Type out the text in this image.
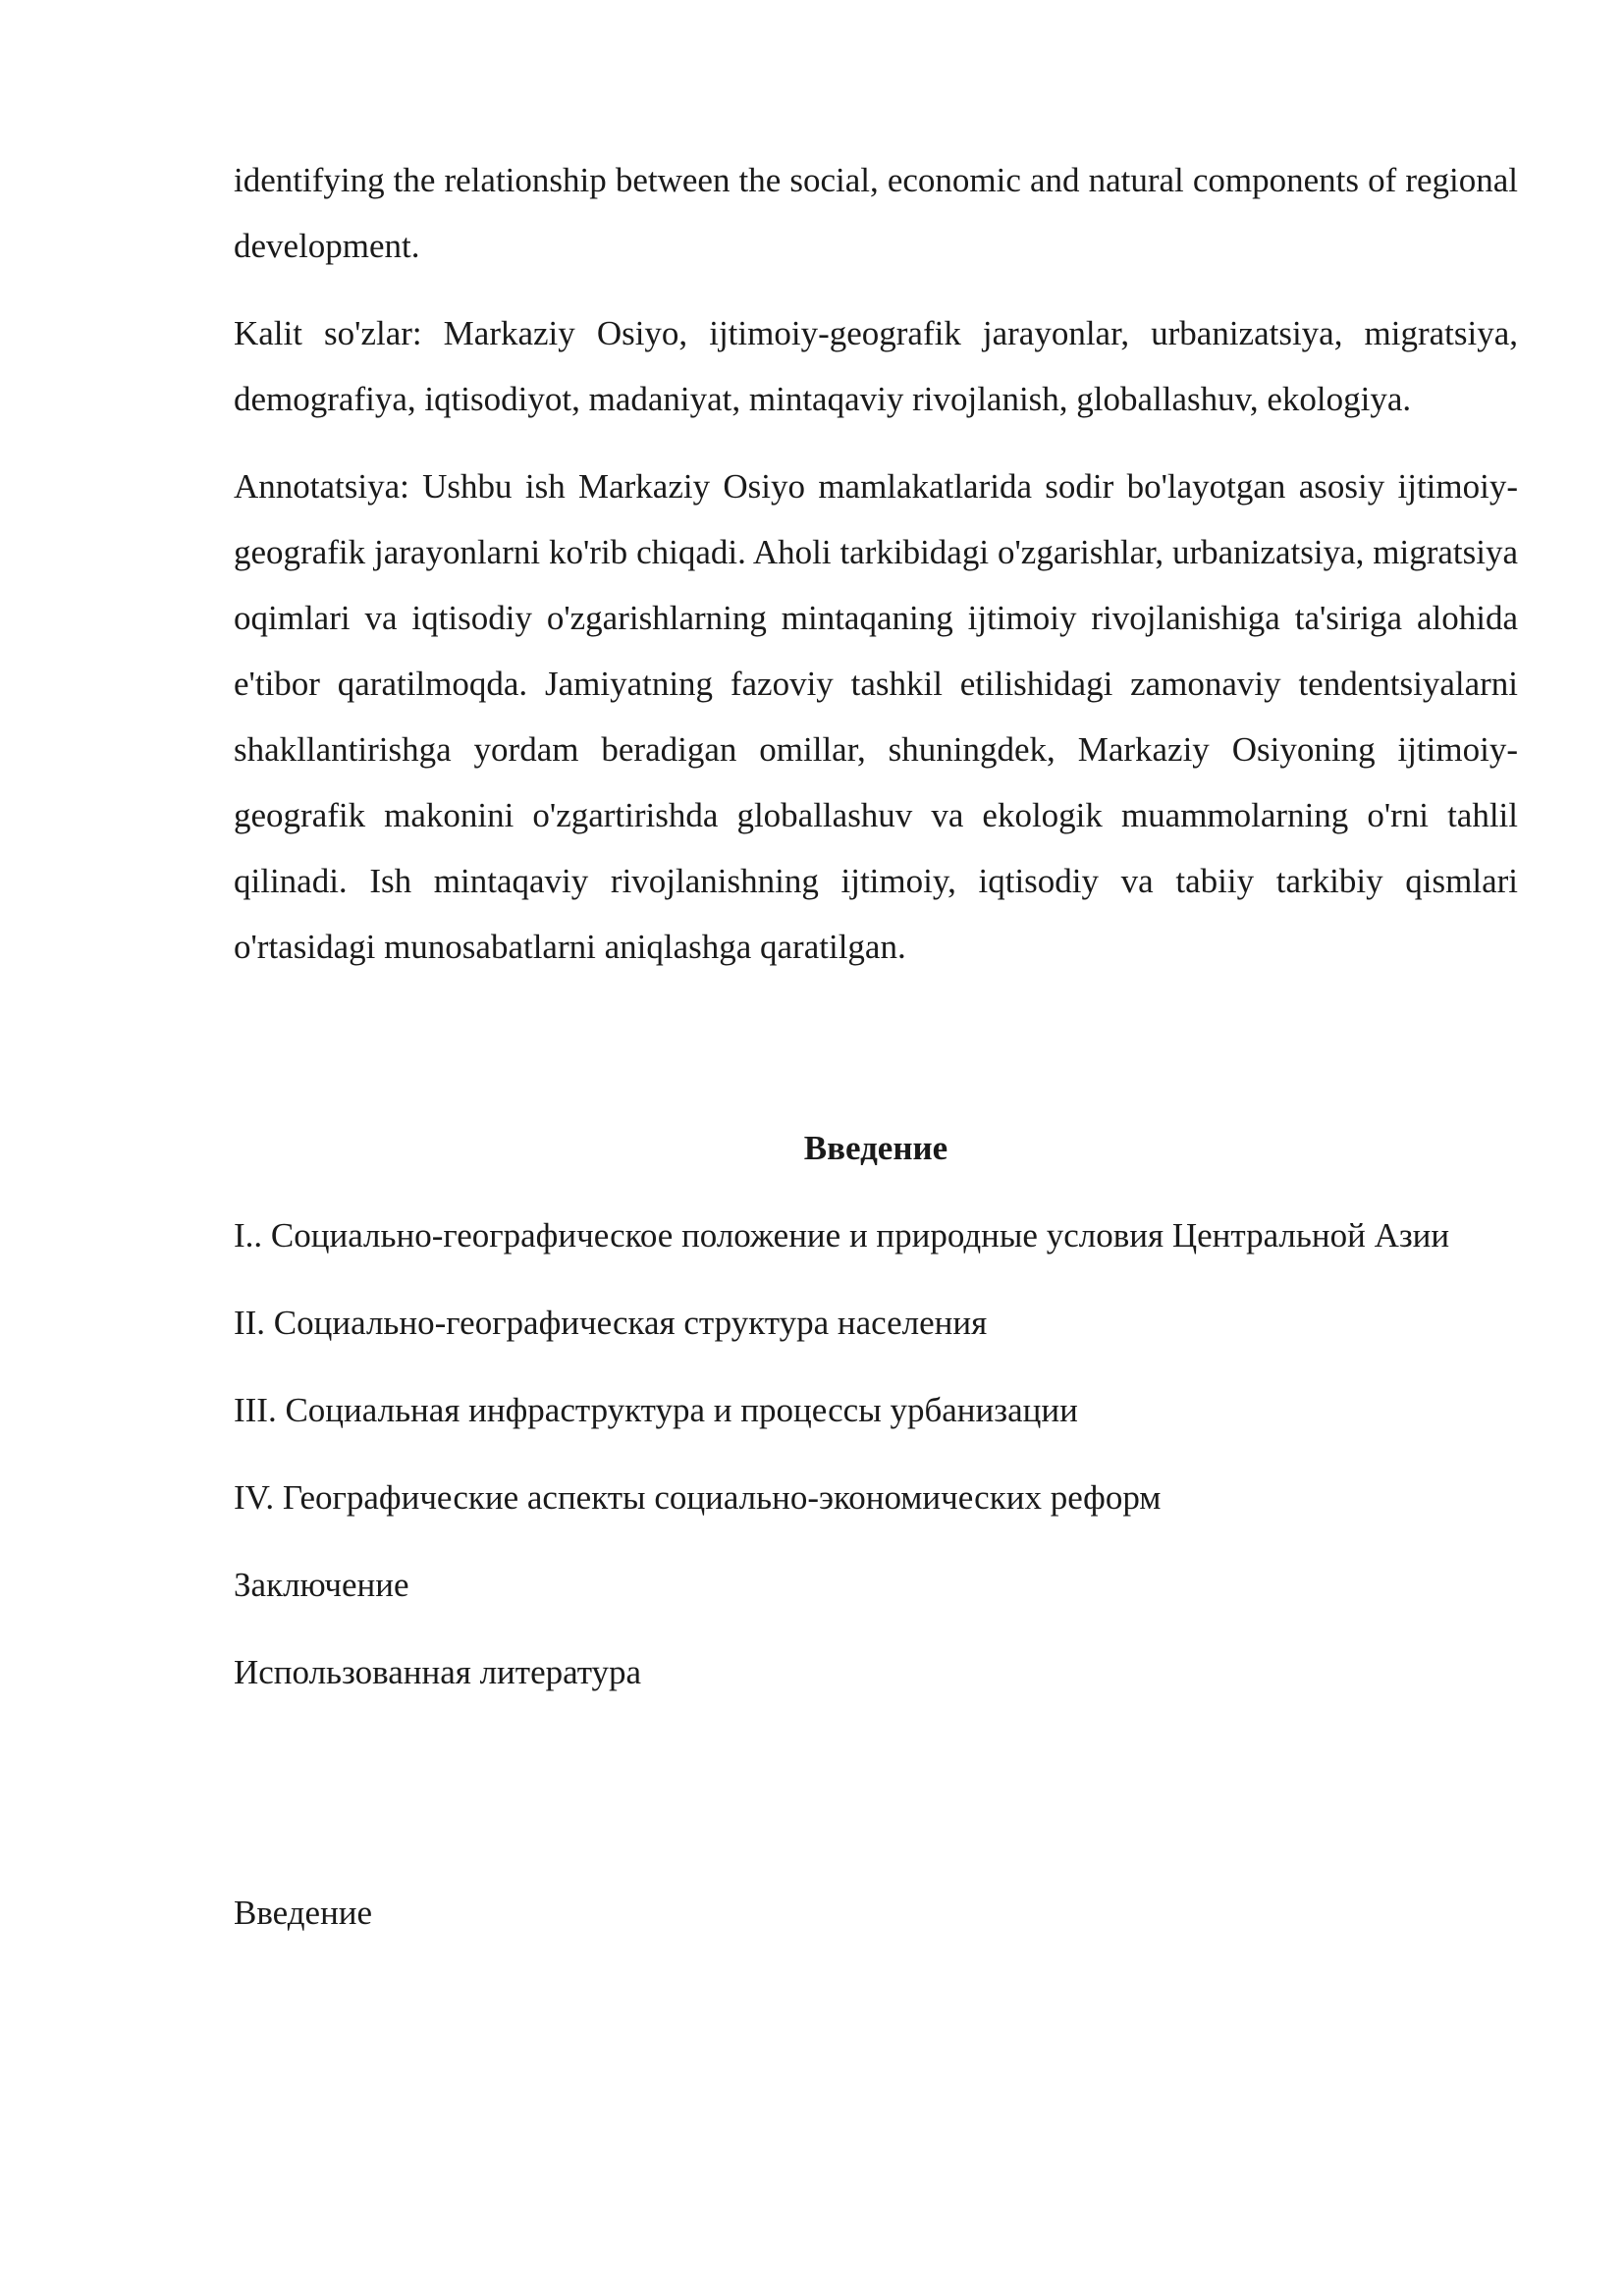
identifying the relationship between the social, economic and natural components of regional development.

Kalit so'zlar: Markaziy Osiyo, ijtimoiy-geografik jarayonlar, urbanizatsiya, migratsiya, demografiya, iqtisodiyot, madaniyat, mintaqaviy rivojlanish, globallashuv, ekologiya.

Annotatsiya: Ushbu ish Markaziy Osiyo mamlakatlarida sodir bo'layotgan asosiy ijtimoiy-geografik jarayonlarni ko'rib chiqadi. Aholi tarkibidagi o'zgarishlar, urbanizatsiya, migratsiya oqimlari va iqtisodiy o'zgarishlarning mintaqaning ijtimoiy rivojlanishiga ta'siriga alohida e'tibor qaratilmoqda. Jamiyatning fazoviy tashkil etilishidagi zamonaviy tendentsiyalarni shakllantirishga yordam beradigan omillar, shuningdek, Markaziy Osiyoning ijtimoiy-geografik makonini o'zgartirishda globallashuv va ekologik muammolarning o'rni tahlil qilinadi. Ish mintaqaviy rivojlanishning ijtimoiy, iqtisodiy va tabiiy tarkibiy qismlari o'rtasidagi munosabatlarni aniqlashga qaratilgan.

Введение

I.. Социально-географическое положение и природные условия Центральной Азии

II. Социально-географическая структура населения

III. Социальная инфраструктура и процессы урбанизации

IV. Географические аспекты социально-экономических реформ

Заключение

Использованная литература

Введение
